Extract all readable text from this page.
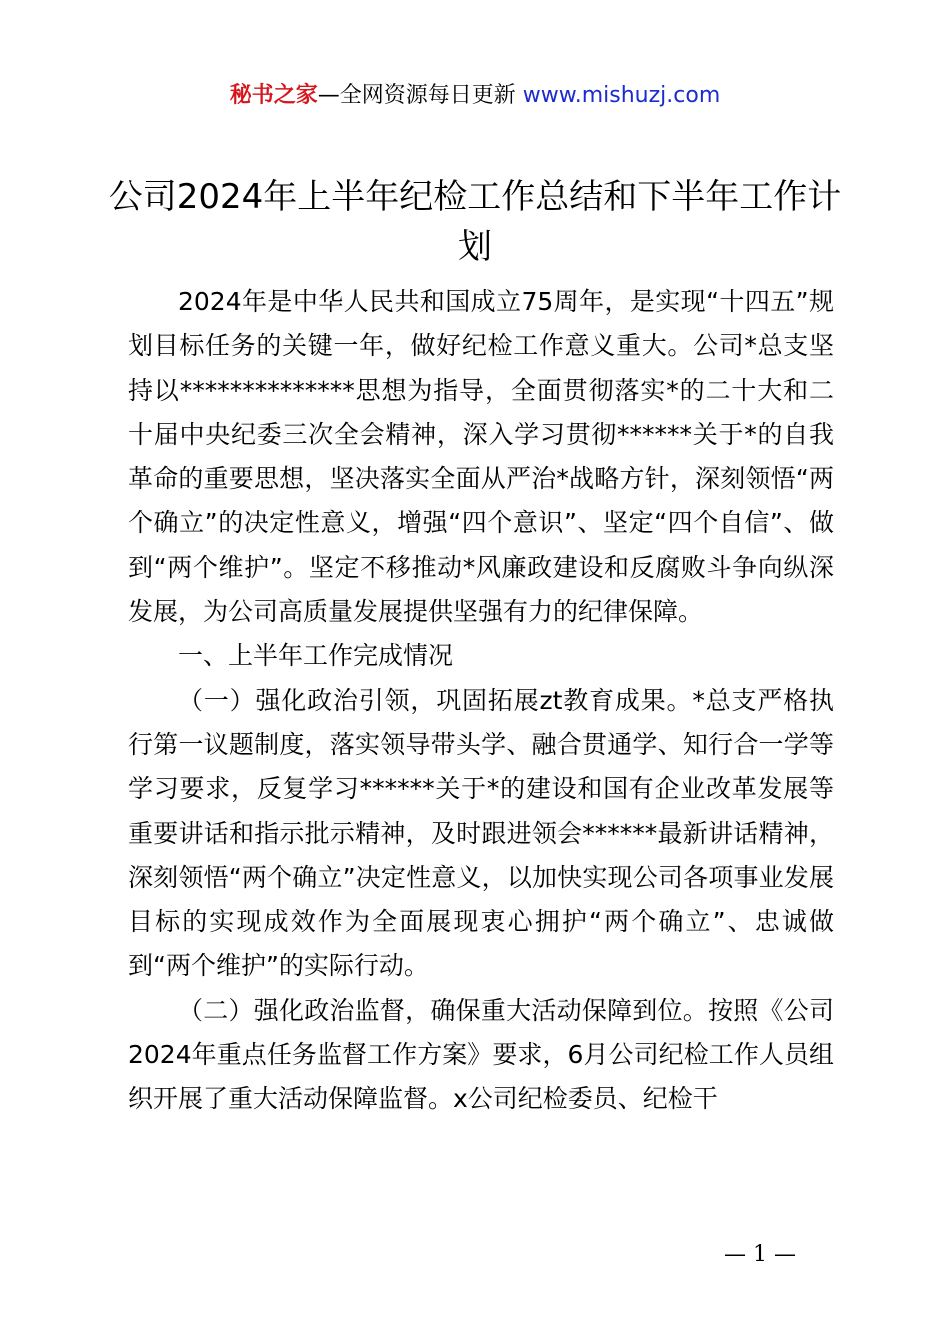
秘书之家—全网资源每日更新 www.mishuzj.com
公司2024年上半年纪检工作总结和下半年工作计划

2024年是中华人民共和国成立75周年，是实现“十四五”规划目标任务的关键一年，做好纪检工作意义重大。公司*总支坚持以**************思想为指导，全面贯彻落实*的二十大和二十届中央纪委三次全会精神，深入学习贯彻******关于*的自我革命的重要思想，坚决落实全面从严治*战略方针，深刻领悟“两个确立”的决定性意义，增强“四个意识”、坚定“四个自信”、做到“两个维护”。坚定不移推动*风廉政建设和反腐败斗争向纵深发展，为公司高质量发展提供坚强有力的纪律保障。

一、上半年工作完成情况

（一）强化政治引领，巩固拓展zt教育成果。*总支严格执行第一议题制度，落实领导带头学、融合贯通学、知行合一学等学习要求，反复学习******关于*的建设和国有企业改革发展等重要讲话和指示批示精神，及时跟进领会******最新讲话精神，深刻领悟“两个确立”决定性意义，以加快实现公司各项事业发展目标的实现成效作为全面展现衷心拥护“两个确立”、忠诚做到“两个维护”的实际行动。

（二）强化政治监督，确保重大活动保障到位。按照《公司2024年重点任务监督工作方案》要求，6月公司纪检工作人员组织开展了重大活动保障监督。x公司纪检委员、纪检干

— 1 —
